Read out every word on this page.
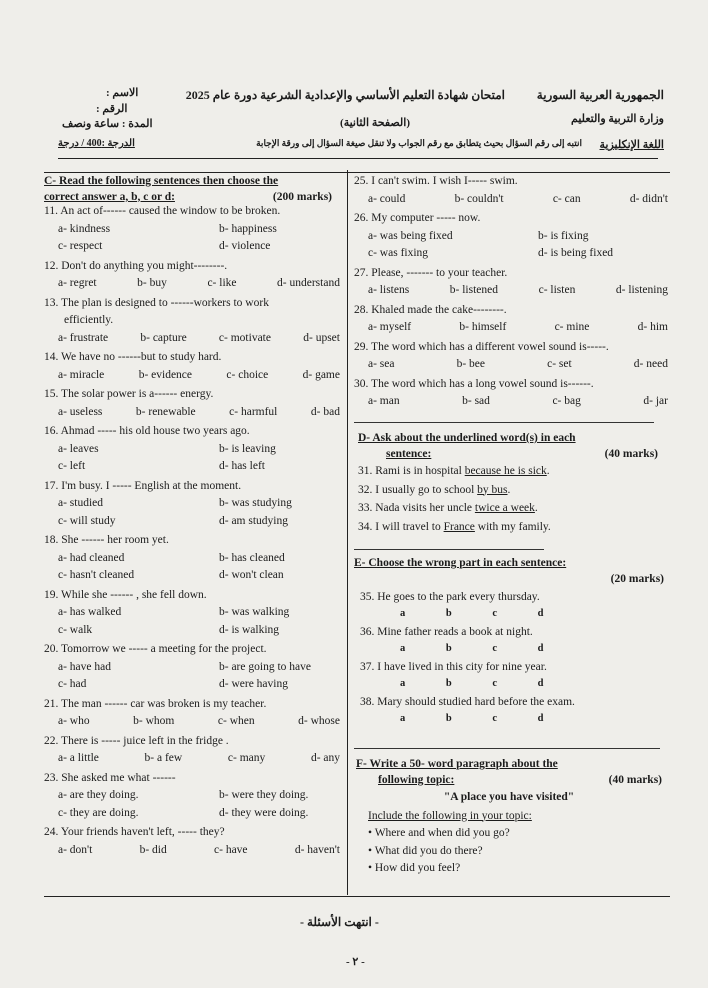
الجمهورية العربية السورية
امتحان شهادة التعليم الأساسي والإعدادية الشرعية دورة عام 2025
الاسم :
الرقم :
وزارة التربية والتعليم
(الصفحة الثانية)
المدة : ساعة ونصف
اللغة الإنكليزية
انتبه إلى رقم السؤال بحيث يتطابق مع رقم الجواب ولا تنقل صيغة السؤال إلى ورقة الإجابة
الدرجة :400 / درجة
C- Read the following sentences then choose the

correct answer a, b, c or d:	(200 marks)
11. An act of------ caused the window to be broken.
a- kindness	b- happiness
c- respect	d- violence
12. Don't do anything you might--------.
a- regret	b- buy	c- like	d- understand
13. The plan is designed to ------workers to work
efficiently.
a- frustrate	b- capture	c- motivate	d- upset
14. We have no ------but to study hard.
a- miracle	b- evidence	c- choice	d- game
15. The solar power is a------ energy.
a- useless	b- renewable	c- harmful	d- bad
16. Ahmad ----- his old house two years ago.
a- leaves	b- is leaving
c- left	d- has left
17. I'm busy. I ----- English at the moment.
a- studied	b- was studying
c- will study	d- am studying
18. She ------ her room yet.
a- had cleaned	b- has cleaned
c- hasn't cleaned	d- won't clean
19. While she ------ , she fell down.
a- has walked	b- was walking
c- walk	d- is walking
20. Tomorrow we ----- a meeting for the project.
a- have had	b- are going to have
c- had	d- were having
21. The man ------ car was broken is my teacher.
a- who	b- whom	c- when	d- whose
22. There is ----- juice left in the fridge .
a- a little	b- a few	c- many	d- any
23. She asked me what ------
a- are they doing.	b- were they doing.
c- they are doing.	d- they were doing.
24. Your friends haven't left, ----- they?
a- don't	b- did	c- have	d- haven't
25. I can't swim. I wish I----- swim.
a- could	b- couldn't	c- can	d- didn't
26. My computer ----- now.
a- was being fixed	b- is fixing
c- was fixing	d- is being fixed
27. Please, ------- to your teacher.
a- listens	b- listened	c- listen	d- listening
28. Khaled made the cake--------.
a- myself	b- himself	c- mine	d- him
29. The word which has a different vowel sound is-----.
a- sea	b- bee	c- set	d- need
30. The word which has a long vowel sound is------.
a- man	b- sad	c- bag	d- jar
D- Ask about the underlined word(s) in each

sentence:	(40 marks)
31. Rami is in hospital because he is sick.
32. I usually go to school by bus.
33. Nada visits her uncle twice a week.
34. I will travel to France with my family.
E- Choose the wrong part in each sentence:
(20 marks)
35. He goes to the park every thursday.
a b c d
36. Mine father reads a book at night.
a b c d
37. I have lived in this city for nine year.
a b c d
38. Mary should studied hard before the exam.
a b c d
F- Write a 50- word paragraph about the

following topic:	(40 marks)
"A place you have visited"
Include the following in your topic:
• Where and when did you go?
• What did you do there?
• How did you feel?
- انتهت الأسئلة -
- ٢ -
